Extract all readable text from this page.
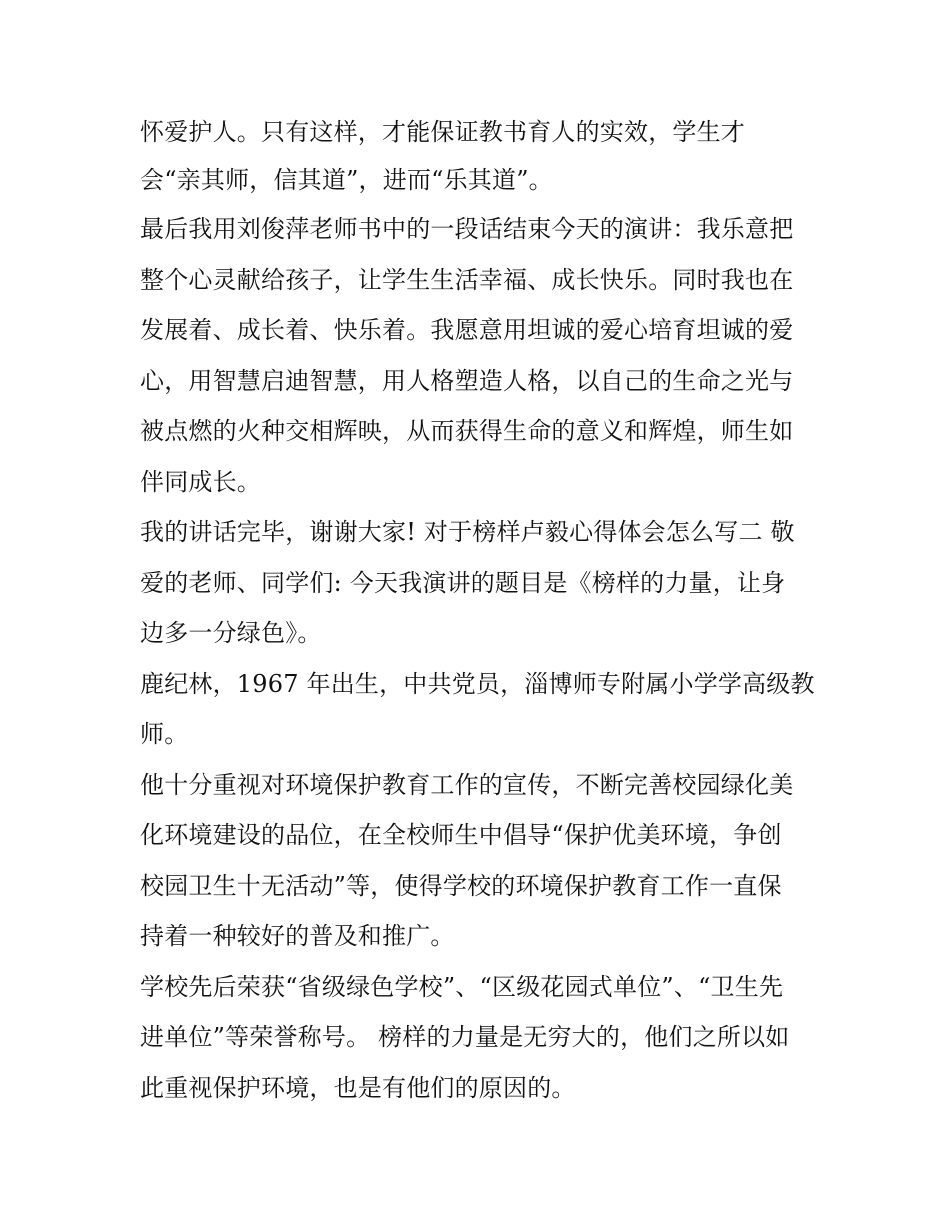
怀爱护人。只有这样，才能保证教书育人的实效，学生才
会“亲其师，信其道”，进而“乐其道”。
最后我用刘俊萍老师书中的一段话结束今天的演讲：我乐意把
整个心灵献给孩子，让学生生活幸福、成长快乐。同时我也在
发展着、成长着、快乐着。我愿意用坦诚的爱心培育坦诚的爱
心，用智慧启迪智慧，用人格塑造人格，以自己的生命之光与
被点燃的火种交相辉映，从而获得生命的意义和辉煌，师生如
伴同成长。
我的讲话完毕，谢谢大家! 对于榜样卢毅心得体会怎么写二 敬
爱的老师、同学们: 今天我演讲的题目是《榜样的力量，让身
边多一分绿色》。
鹿纪林，1967 年出生，中共党员，淄博师专附属小学学高级教
师。
他十分重视对环境保护教育工作的宣传，不断完善校园绿化美
化环境建设的品位，在全校师生中倡导“保护优美环境，争创
校园卫生十无活动”等，使得学校的环境保护教育工作一直保
持着一种较好的普及和推广。
学校先后荣获“省级绿色学校”、“区级花园式单位”、“卫生先
进单位”等荣誉称号。 榜样的力量是无穷大的，他们之所以如
此重视保护环境，也是有他们的原因的。
